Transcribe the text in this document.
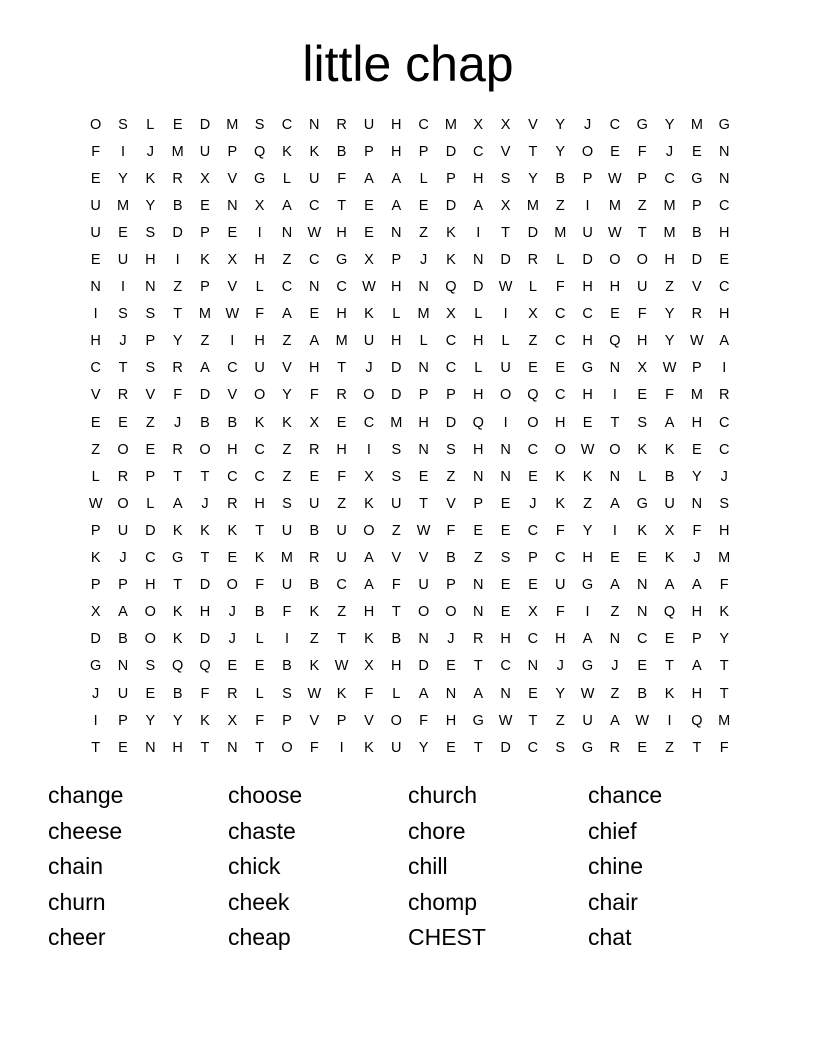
little chap
O	S	L	E	D	M	S	C	N	R	U	H	C	M	X	X	V	Y	J	C	G	Y	M	G
F	I	J	M	U	P	Q	K	K	B	P	H	P	D	C	V	T	Y	O	E	F	J	E	N
E	Y	K	R	X	V	G	L	U	F	A	A	L	P	H	S	Y	B	P	W	P	C	G	N
U	M	Y	B	E	N	X	A	C	T	E	A	E	D	A	X	M	Z	I	M	Z	M	P	C
U	E	S	D	P	E	I	N	W	H	E	N	Z	K	I	T	D	M	U	W	T	M	B	H
E	U	H	I	K	X	H	Z	C	G	X	P	J	K	N	D	R	L	D	O	O	H	D	E
N	I	N	Z	P	V	L	C	N	C	W	H	N	Q	D	W	L	F	H	H	U	Z	V	C
I	S	S	T	M W	F	A	E	H	K	L	M	X	L	I	X	C	C	E	F	Y	R	H
H	J	P	Y	Z	I	H	Z	A	M	U	H	L	C	H	L	Z	C	H	Q	H	Y	W	A
C	T	S	R	A	C	U	V	H	T	J	D	N	C	L	U	E	E	G	N	X	W	P	I
V	R	V	F	D	V	O	Y	F	R	O	D	P	P	H	O	Q	C	H	I	E	F	M	R
E	E	Z	J	B	B	K	K	X	E	C	M	H	D	Q	I	O	H	E	T	S	A	H	C
Z	O	E	R	O	H	C	Z	R	H	I	S	N	S	H	N	C	O	W	O	K	K	E	C
L	R	P	T	T	C	C	Z	E	F	X	S	E	Z	N	N	E	K	K	N	L	B	Y	J
W	O	L	A	J	R	H	S	U	Z	K	U	T	V	P	E	J	K	Z	A	G	U	N	S
P	U	D	K	K	K	T	U	B	U	O	Z	W	F	E	E	C	F	Y	I	K	X	F	H
K	J	C	G	T	E	K	M	R	U	A	V	V	B	Z	S	P	C	H	E	E	K	J	M
P	P	H	T	D	O	F	U	B	C	A	F	U	P	N	E	E	U	G	A	N	A	A	F
X	A	O	K	H	J	B	F	K	Z	H	T	O	O	N	E	X	F	I	Z	N	Q	H	K
D	B	O	K	D	J	L	I	Z	T	K	B	N	J	R	H	C	H	A	N	C	E	P	Y
G	N	S	Q	Q	E	E	B	K	W	X	H	D	E	T	C	N	J	G	J	E	T	A	T
J	U	E	B	F	R	L	S	W	K	F	L	A	N	A	N	E	Y	W	Z	B	K	H	T
I	P	Y	Y	K	X	F	P	V	P	V	O	F	H	G	W	T	Z	U	A	W	I	Q	M
T	E	N	H	T	N	T	O	F	I	K	U	Y	E	T	D	C	S	G	R	E	Z	T	F
change	choose	church	chance
cheese	chaste	chore	chief
chain	chick	chill	chine
churn	cheek	chomp	chair
cheer	cheap	CHEST	chat
